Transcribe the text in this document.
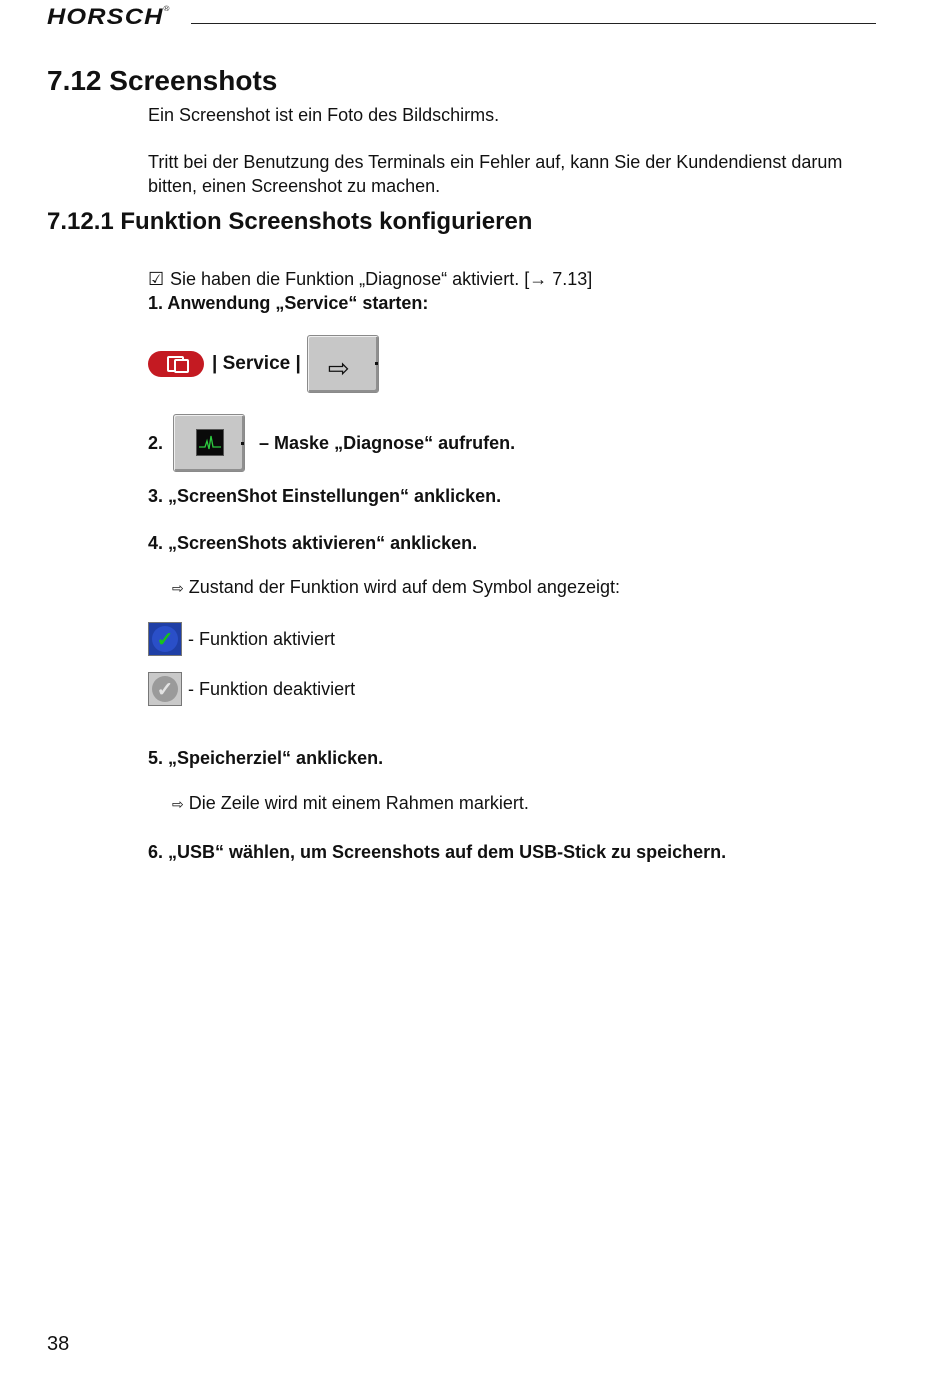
HORSCH®
7.12 Screenshots
Ein Screenshot ist ein Foto des Bildschirms.
Tritt bei der Benutzung des Terminals ein Fehler auf, kann Sie der Kundendienst darum bitten, einen Screenshot zu machen.
7.12.1 Funktion Screenshots konfigurieren
☑ Sie haben die Funktion „Diagnose“ aktiviert. [→ 7.13]
1. Anwendung „Service“ starten:
| Service | ⇨
2.	– Maske „Diagnose“ aufrufen.
3. „ScreenShot Einstellungen“ anklicken.
4. „ScreenShots aktivieren“ anklicken.
⇨ Zustand der Funktion wird auf dem Symbol angezeigt:
✓ - Funktion aktiviert
✓ - Funktion deaktiviert
5. „Speicherziel“ anklicken.
⇨ Die Zeile wird mit einem Rahmen markiert.
6. „USB“ wählen, um Screenshots auf dem USB-Stick zu speichern.
38
